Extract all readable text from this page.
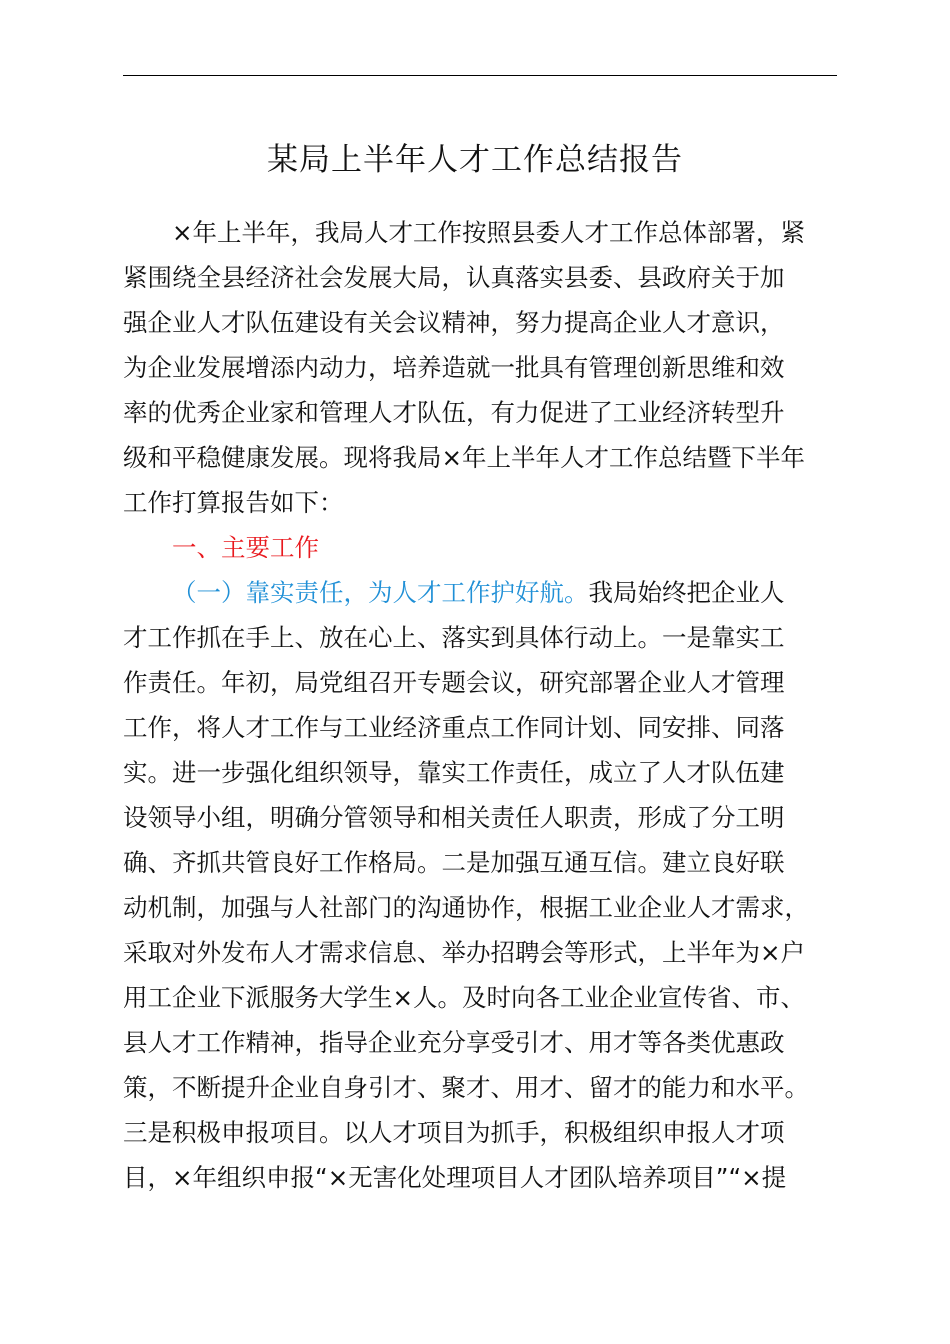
某局上半年人才工作总结报告
×年上半年，我局人才工作按照县委人才工作总体部署，紧
紧围绕全县经济社会发展大局，认真落实县委、县政府关于加
强企业人才队伍建设有关会议精神，努力提高企业人才意识，
为企业发展增添内动力，培养造就一批具有管理创新思维和效
率的优秀企业家和管理人才队伍，有力促进了工业经济转型升
级和平稳健康发展。现将我局×年上半年人才工作总结暨下半年
工作打算报告如下：
一、主要工作
（一）靠实责任，为人才工作护好航。我局始终把企业人
才工作抓在手上、放在心上、落实到具体行动上。一是靠实工
作责任。年初，局党组召开专题会议，研究部署企业人才管理
工作，将人才工作与工业经济重点工作同计划、同安排、同落
实。进一步强化组织领导，靠实工作责任，成立了人才队伍建
设领导小组，明确分管领导和相关责任人职责，形成了分工明
确、齐抓共管良好工作格局。二是加强互通互信。建立良好联
动机制，加强与人社部门的沟通协作，根据工业企业人才需求，
采取对外发布人才需求信息、举办招聘会等形式，上半年为×户
用工企业下派服务大学生×人。及时向各工业企业宣传省、市、
县人才工作精神，指导企业充分享受引才、用才等各类优惠政
策，不断提升企业自身引才、聚才、用才、留才的能力和水平。
三是积极申报项目。以人才项目为抓手，积极组织申报人才项
目，×年组织申报“×无害化处理项目人才团队培养项目”“×提
